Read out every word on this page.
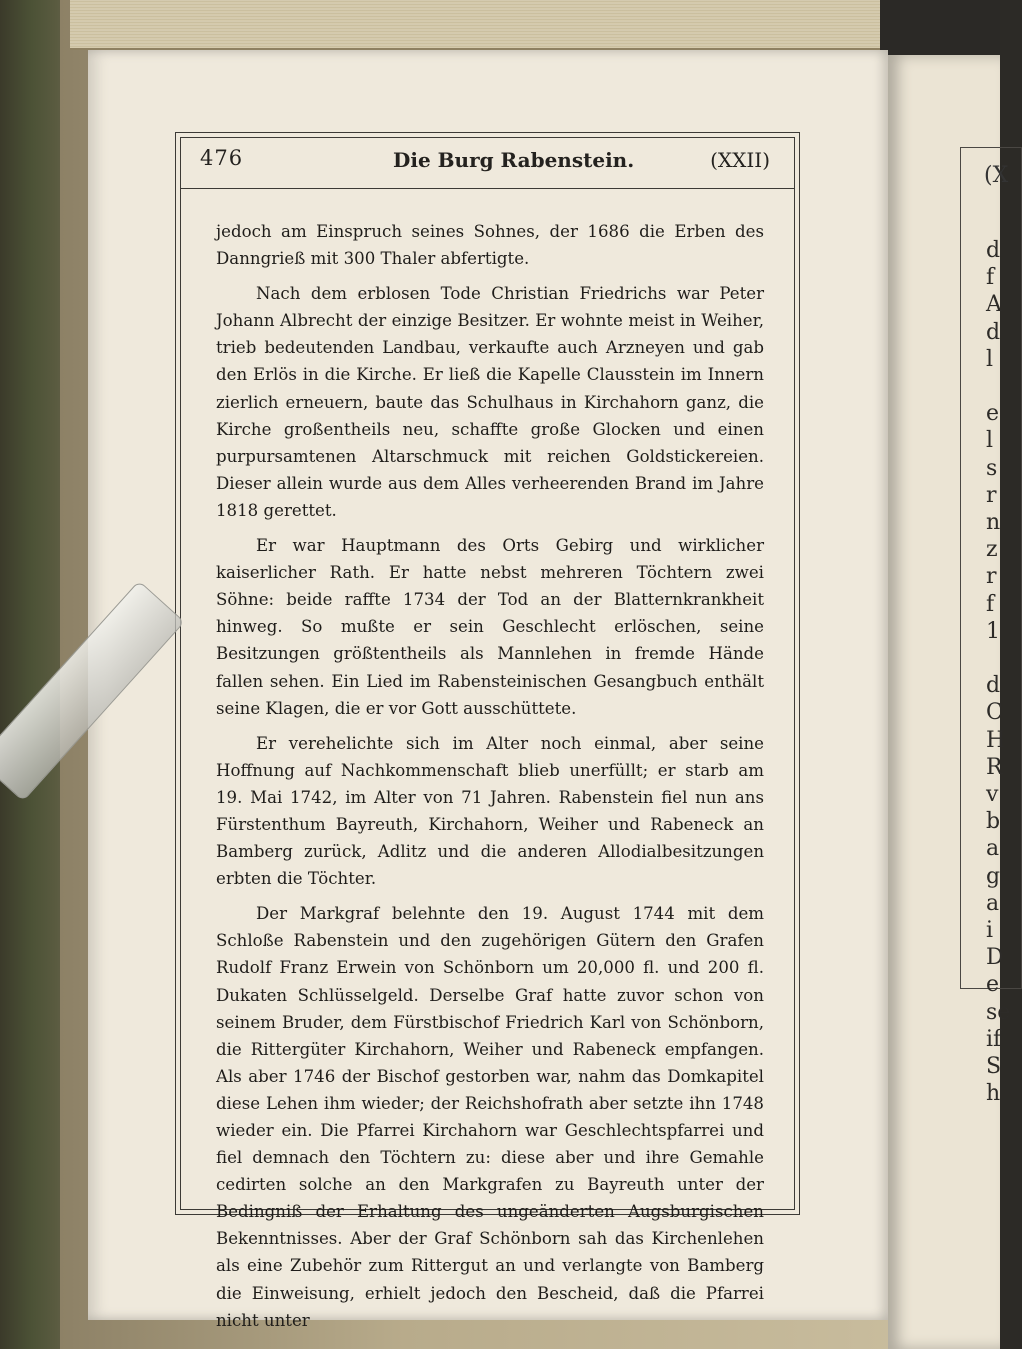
(X
d
f
A
d
l
e
l
s
r
n
z
r
f
1
d
C
H
R
v
b
a
g
a
i
D
e
se
if
S
h
476	Die Burg Rabenstein.	(XXII)

jedoch am Einspruch seines Sohnes, der 1686 die Erben des Danngrieß mit 300 Thaler abfertigte.

Nach dem erblosen Tode Christian Friedrichs war Peter Johann Albrecht der einzige Besitzer. Er wohnte meist in Weiher, trieb bedeutenden Landbau, verkaufte auch Arzneyen und gab den Erlös in die Kirche. Er ließ die Kapelle Clausstein im Innern zierlich erneuern, baute das Schulhaus in Kirchahorn ganz, die Kirche großentheils neu, schaffte große Glocken und einen purpursamtenen Altarschmuck mit reichen Goldstickereien. Dieser allein wurde aus dem Alles verheerenden Brand im Jahre 1818 gerettet.

Er war Hauptmann des Orts Gebirg und wirklicher kaiserlicher Rath. Er hatte nebst mehreren Töchtern zwei Söhne: beide raffte 1734 der Tod an der Blatternkrankheit hinweg. So mußte er sein Geschlecht erlöschen, seine Besitzungen größtentheils als Mannlehen in fremde Hände fallen sehen. Ein Lied im Rabensteinischen Gesangbuch enthält seine Klagen, die er vor Gott ausschüttete.

Er verehelichte sich im Alter noch einmal, aber seine Hoffnung auf Nachkommenschaft blieb unerfüllt; er starb am 19. Mai 1742, im Alter von 71 Jahren. Rabenstein fiel nun ans Fürstenthum Bayreuth, Kirchahorn, Weiher und Rabeneck an Bamberg zurück, Adlitz und die anderen Allodialbesitzungen erbten die Töchter.

Der Markgraf belehnte den 19. August 1744 mit dem Schloße Rabenstein und den zugehörigen Gütern den Grafen Rudolf Franz Erwein von Schönborn um 20,000 fl. und 200 fl. Dukaten Schlüsselgeld. Derselbe Graf hatte zuvor schon von seinem Bruder, dem Fürstbischof Friedrich Karl von Schönborn, die Rittergüter Kirchahorn, Weiher und Rabeneck empfangen. Als aber 1746 der Bischof gestorben war, nahm das Domkapitel diese Lehen ihm wieder; der Reichshofrath aber setzte ihn 1748 wieder ein. Die Pfarrei Kirchahorn war Geschlechtspfarrei und fiel demnach den Töchtern zu: diese aber und ihre Gemahle cedirten solche an den Markgrafen zu Bayreuth unter der Bedingniß der Erhaltung des ungeänderten Augsburgischen Bekenntnisses. Aber der Graf Schönborn sah das Kirchenlehen als eine Zubehör zum Rittergut an und verlangte von Bamberg die Einweisung, erhielt jedoch den Bescheid, daß die Pfarrei nicht unter
